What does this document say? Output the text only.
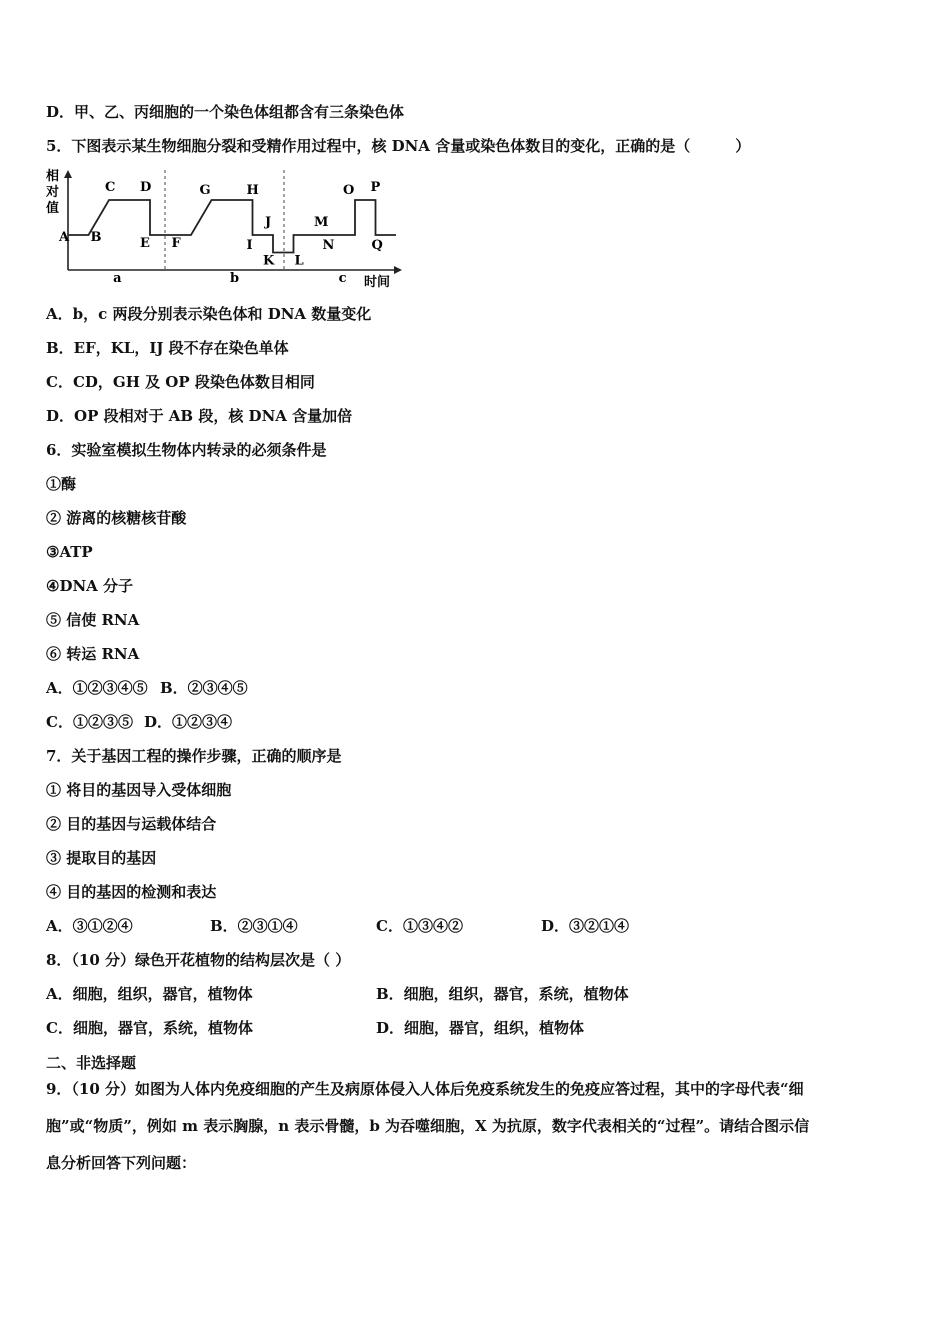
D．甲、乙、丙细胞的一个染色体组都含有三条染色体
5．下图表示某生物细胞分裂和受精作用过程中，核 DNA 含量或染色体数目的变化，正确的是（　　　）
相
对
值
时间
A B
C D
E F
G	H
I
J
K L
M
N
O P
Q
a	b	c
A．b，c 两段分别表示染色体和 DNA 数量变化
B．EF，KL，IJ 段不存在染色单体
C．CD，GH 及 OP 段染色体数目相同
D．OP 段相对于 AB 段，核 DNA 含量加倍
6．实验室模拟生物体内转录的必须条件是
①酶
② 游离的核糖核苷酸
③ATP
④DNA 分子
⑤ 信使 RNA
⑥ 转运 RNA
A．①②③④⑤ B．②③④⑤
C．①②③⑤ D．①②③④
7．关于基因工程的操作步骤，正确的顺序是
① 将目的基因导入受体细胞
② 目的基因与运载体结合
③ 提取目的基因
④ 目的基因的检测和表达
A．③①②④	B．②③①④	C．①③④②	D．③②①④
8．（10 分）绿色开花植物的结构层次是（ ）
A．细胞，组织，器官，植物体	B．细胞，组织，器官，系统，植物体
C．细胞，器官，系统，植物体	D．细胞，器官，组织，植物体
二、非选择题
9．（10 分）如图为人体内免疫细胞的产生及病原体侵入人体后免疫系统发生的免疫应答过程，其中的字母代表“细
胞”或“物质”，例如 m 表示胸腺，n 表示骨髓，b 为吞噬细胞，X 为抗原，数字代表相关的“过程”。请结合图示信
息分析回答下列问题：
